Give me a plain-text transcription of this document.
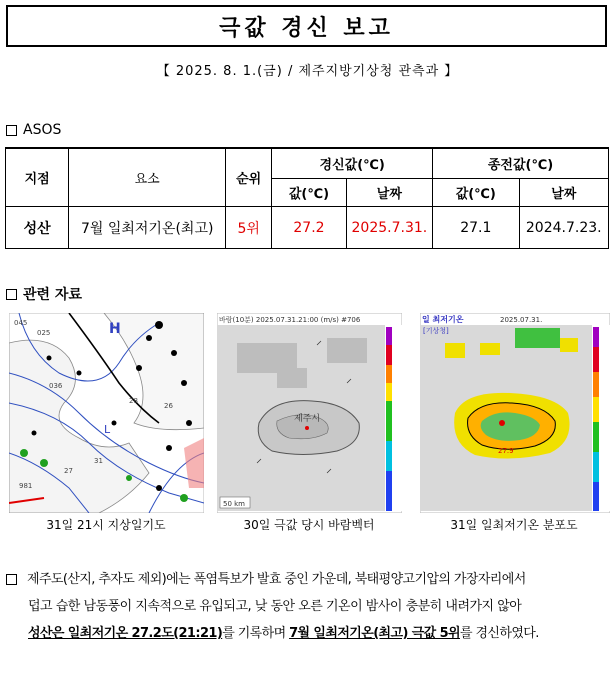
극값 경신 보고
【 2025. 8. 1.(금) / 제주지방기상청 관측과 】
ASOS
지점	요소	순위	경신값(℃)		종전값(℃)	
			값(℃)	날짜	값(℃)	날짜
성산	7월 일최저기온(최고)	5위	27.2	2025.7.31.	27.1	2024.7.23.
관련 자료
H
L
045
025
036
28
31
27
26
981
제주시
바람(10분) 2025.07.31.21:00 (m/s) #706
50 km
27.9
일 최저기온	2025.07.31.
[기상청]
31일 21시 지상일기도	30일 극값 당시 바람벡터	31일 일최저기온 분포도
제주도(산지, 추자도 제외)에는 폭염특보가 발효 중인 가운데, 북태평양고기압의 가장자리에서
덥고 습한 남동풍이 지속적으로 유입되고, 낮 동안 오른 기온이 밤사이 충분히 내려가지 않아
성산은 일최저기온 27.2도(21:21) 를 기록하며 7월 일최저기온(최고) 극값 5위 를 경신하였다.
